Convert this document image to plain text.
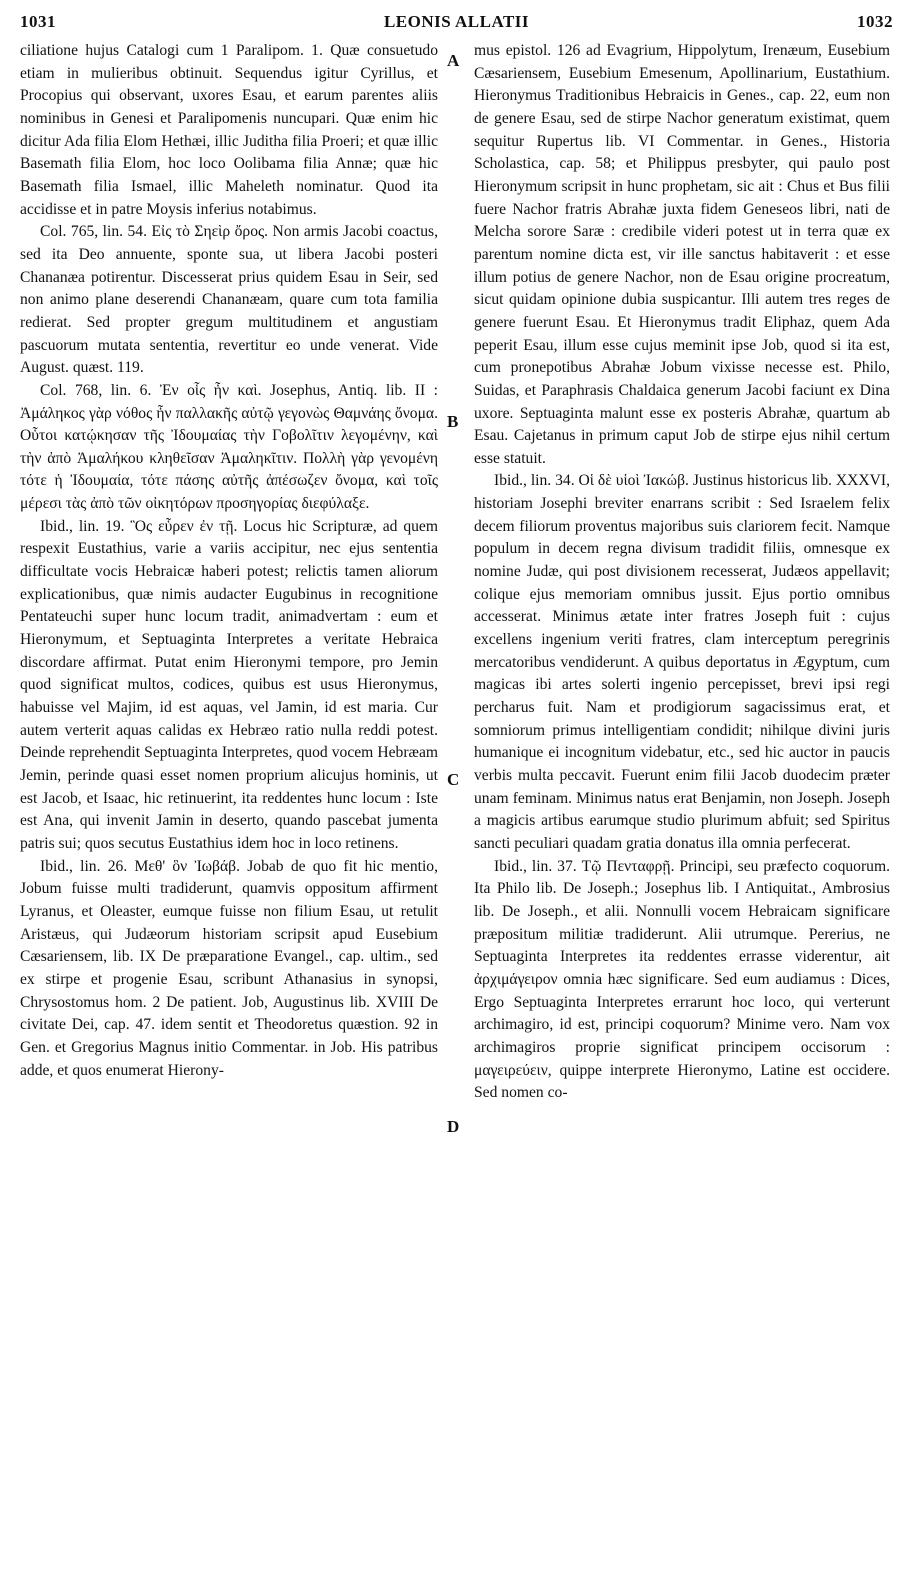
1031	LEONIS ALLATII	1032

ciliatione hujus Catalogi cum 1 Paralipom. 1. Quæ consuetudo etiam in mulieribus obtinuit. Sequendus igitur Cyrillus, et Procopius qui observant, uxores Esau, et earum parentes aliis nominibus in Genesi et Paralipomenis nuncupari. Quæ enim hic dicitur Ada filia Elom Hethæi, illic Juditha filia Proeri; et quæ illic Basemath filia Elom, hoc loco Oolibama filia Annæ; quæ hic Basemath filia Ismael, illic Maheleth nominatur. Quod ita accidisse et in patre Moysis inferius notabimus.

Col. 765, lin. 54. Εἰς τὸ Σηεὶρ ὄρος. Non armis Jacobi coactus, sed ita Deo annuente, sponte sua, ut libera Jacobi posteri Chananæa potirentur. Discesserat prius quidem Esau in Seir, sed non animo plane deserendi Chananæam, quare cum tota familia redierat. Sed propter gregum multitudinem et angustiam pascuorum mutata sententia, revertitur eo unde venerat. Vide August. quæst. 119.

Col. 768, lin. 6. Ἐν οἷς ἦν καὶ. Josephus, Antiq. lib. II : Ἀμάληκος γὰρ νόθος ἦν παλλακῆς αὐτῷ γεγονὼς Θαμνάης ὄνομα. Οὗτοι κατῴκησαν τῆς Ἰδουμαίας τὴν Γοβολῖτιν λεγομένην, καὶ τὴν ἀπὸ Ἀμαλήκου κληθεῖσαν Ἀμαληκῖτιν. Πολλὴ γὰρ γενομένη τότε ἡ Ἰδουμαία, τότε πάσης αὐτῆς ἀπέσωζεν ὄνομα, καὶ τοῖς μέρεσι τὰς ἀπὸ τῶν οἰκητόρων προσηγορίας διεφύλαξε.

Ibid., lin. 19. Ὃς εὗρεν ἐν τῇ. Locus hic Scripturæ, ad quem respexit Eustathius, varie a variis accipitur, nec ejus sententia difficultate vocis Hebraicæ haberi potest; relictis tamen aliorum explicationibus, quæ nimis audacter Eugubinus in recognitione Pentateuchi super hunc locum tradit, animadvertam : eum et Hieronymum, et Septuaginta Interpretes a veritate Hebraica discordare affirmat. Putat enim Hieronymi tempore, pro Jemin quod significat multos, codices, quibus est usus Hieronymus, habuisse vel Majim, id est aquas, vel Jamin, id est maria. Cur autem verterit aquas calidas ex Hebræo ratio nulla reddi potest. Deinde reprehendit Septuaginta Interpretes, quod vocem Hebræam Jemin, perinde quasi esset nomen proprium alicujus hominis, ut est Jacob, et Isaac, hic retinuerint, ita reddentes hunc locum : Iste est Ana, qui invenit Jamin in deserto, quando pascebat jumenta patris sui; quos secutus Eustathius idem hoc in loco retinens.

Ibid., lin. 26. Μεθ' ὃν Ἰωβάβ. Jobab de quo fit hic mentio, Jobum fuisse multi tradiderunt, quamvis oppositum affirment Lyranus, et Oleaster, eumque fuisse non filium Esau, ut retulit Aristæus, qui Judæorum historiam scripsit apud Eusebium Cæsariensem, lib. IX De præparatione Evangel., cap. ultim., sed ex stirpe et progenie Esau, scribunt Athanasius in synopsi, Chrysostomus hom. 2 De patient. Job, Augustinus lib. XVIII De civitate Dei, cap. 47. idem sentit et Theodoretus quæstion. 92 in Gen. et Gregorius Magnus initio Commentar. in Job. His patribus adde, et quos enumerat Hierony-

mus epistol. 126 ad Evagrium, Hippolytum, Irenæum, Eusebium Cæsariensem, Eusebium Emesenum, Apollinarium, Eustathium. Hieronymus Traditionibus Hebraicis in Genes., cap. 22, eum non de genere Esau, sed de stirpe Nachor generatum existimat, quem sequitur Rupertus lib. VI Commentar. in Genes., Historia Scholastica, cap. 58; et Philippus presbyter, qui paulo post Hieronymum scripsit in hunc prophetam, sic ait : Chus et Bus filii fuere Nachor fratris Abrahæ juxta fidem Geneseos libri, nati de Melcha sorore Saræ : credibile videri potest ut in terra quæ ex parentum nomine dicta est, vir ille sanctus habitaverit : et esse illum potius de genere Nachor, non de Esau origine procreatum, sicut quidam opinione dubia suspicantur. Illi autem tres reges de genere fuerunt Esau. Et Hieronymus tradit Eliphaz, quem Ada peperit Esau, illum esse cujus meminit ipse Job, quod si ita est, cum pronepotibus Abrahæ Jobum vixisse necesse est. Philo, Suidas, et Paraphrasis Chaldaica generum Jacobi faciunt ex Dina uxore. Septuaginta malunt esse ex posteris Abrahæ, quartum ab Esau. Cajetanus in primum caput Job de stirpe ejus nihil certum esse statuit.

Ibid., lin. 34. Οἱ δὲ υἱοὶ Ἰακώβ. Justinus historicus lib. XXXVI, historiam Josephi breviter enarrans scribit : Sed Israelem felix decem filiorum proventus majoribus suis clariorem fecit. Namque populum in decem regna divisum tradidit filiis, omnesque ex nomine Judæ, qui post divisionem recesserat, Judæos appellavit; colique ejus memoriam omnibus jussit. Ejus portio omnibus accesserat. Minimus ætate inter fratres Joseph fuit : cujus excellens ingenium veriti fratres, clam interceptum peregrinis mercatoribus vendiderunt. A quibus deportatus in Ægyptum, cum magicas ibi artes solerti ingenio percepisset, brevi ipsi regi percharus fuit. Nam et prodigiorum sagacissimus erat, et somniorum primus intelligentiam condidit; nihilque divini juris humanique ei incognitum videbatur, etc., sed hic auctor in paucis verbis multa peccavit. Fuerunt enim filii Jacob duodecim præter unam feminam. Minimus natus erat Benjamin, non Joseph. Joseph a magicis artibus earumque studio plurimum abfuit; sed Spiritus sancti peculiari quadam gratia donatus illa omnia perfecerat.

Ibid., lin. 37. Τῷ Πενταφρῇ. Principi, seu præfecto coquorum. Ita Philo lib. De Joseph.; Josephus lib. I Antiquitat., Ambrosius lib. De Joseph., et alii. Nonnulli vocem Hebraicam significare præpositum militiæ tradiderunt. Alii utrumque. Pererius, ne Septuaginta Interpretes ita reddentes errasse viderentur, ait ἀρχιμάγειρον omnia hæc significare. Sed eum audiamus : Dices, Ergo Septuaginta Interpretes errarunt hoc loco, qui verterunt archimagiro, id est, principi coquorum? Minime vero. Nam vox archimagiros proprie significat principem occisorum : μαγειρεύειν, quippe interprete Hieronymo, Latine est occidere. Sed nomen co-

A
B
C
D
